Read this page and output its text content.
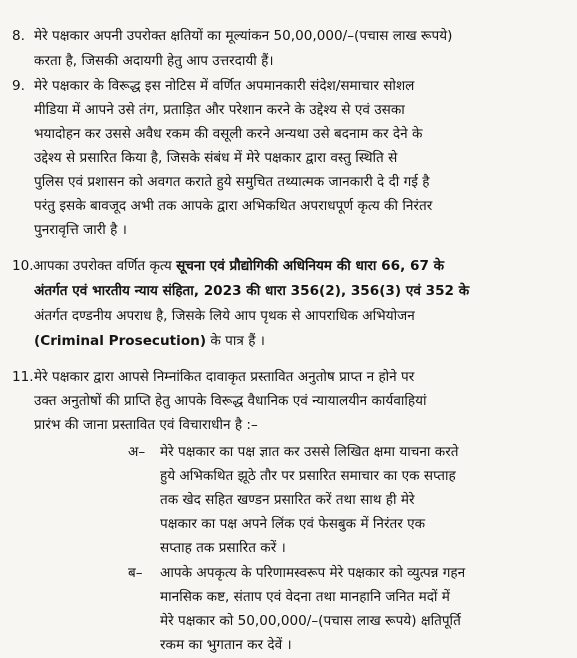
8. मेरे पक्षकार अपनी उपरोक्त क्षतियों का मूल्यांकन 50,00,000/–(पचास लाख रूपये)
करता है, जिसकी अदायगी हेतु आप उत्तरदायी हैं।
9. मेरे पक्षकार के विरूद्ध इस नोटिस में वर्णित अपमानकारी संदेश/समाचार सोशल
मीडिया में आपने उसे तंग, प्रताड़ित और परेशान करने के उद्देश्य से एवं उसका
भयादोहन कर उससे अवैध रकम की वसूली करने अन्यथा उसे बदनाम कर देने के
उद्देश्य से प्रसारित किया है, जिसके संबंध में मेरे पक्षकार द्वारा वस्तु स्थिति से
पुलिस एवं प्रशासन को अवगत कराते हुये समुचित तथ्यात्मक जानकारी दे दी गई है
परंतु इसके बावजूद अभी तक आपके द्वारा अभिकथित अपराधपूर्ण कृत्य की निरंतर
पुनरावृत्ति जारी है ।
10. आपका उपरोक्त वर्णित कृत्य सूचना एवं प्रौद्योगिकी अधिनियम की धारा 66, 67 के
अंतर्गत एवं भारतीय न्याय संहिता, 2023 की धारा 356(2), 356(3) एवं 352 के
अंतर्गत दण्डनीय अपराध है, जिसके लिये आप पृथक से आपराधिक अभियोजन
(Criminal Prosecution) के पात्र हैं ।
11. मेरे पक्षकार द्वारा आपसे निम्नांकित दावाकृत प्रस्तावित अनुतोष प्राप्त न होने पर
उक्त अनुतोषों की प्राप्ति हेतु आपके विरूद्ध वैधानिक एवं न्यायालयीन कार्यवाहियां
प्रारंभ की जाना प्रस्तावित एवं विचाराधीन है :–
अ– मेरे पक्षकार का पक्ष ज्ञात कर उससे लिखित क्षमा याचना करते
हुये अभिकथित झूठे तौर पर प्रसारित समाचार का एक सप्ताह
तक खेद सहित खण्डन प्रसारित करें तथा साथ ही मेरे
पक्षकार का पक्ष अपने लिंक एवं फेसबुक में निरंतर एक
सप्ताह तक प्रसारित करें ।
ब– आपके अपकृत्य के परिणामस्वरूप मेरे पक्षकार को व्युत्पन्न गहन
मानसिक कष्ट, संताप एवं वेदना तथा मानहानि जनित मदों में
मेरे पक्षकार को 50,00,000/–(पचास लाख रूपये) क्षतिपूर्ति
रकम का भुगतान कर देवें ।
